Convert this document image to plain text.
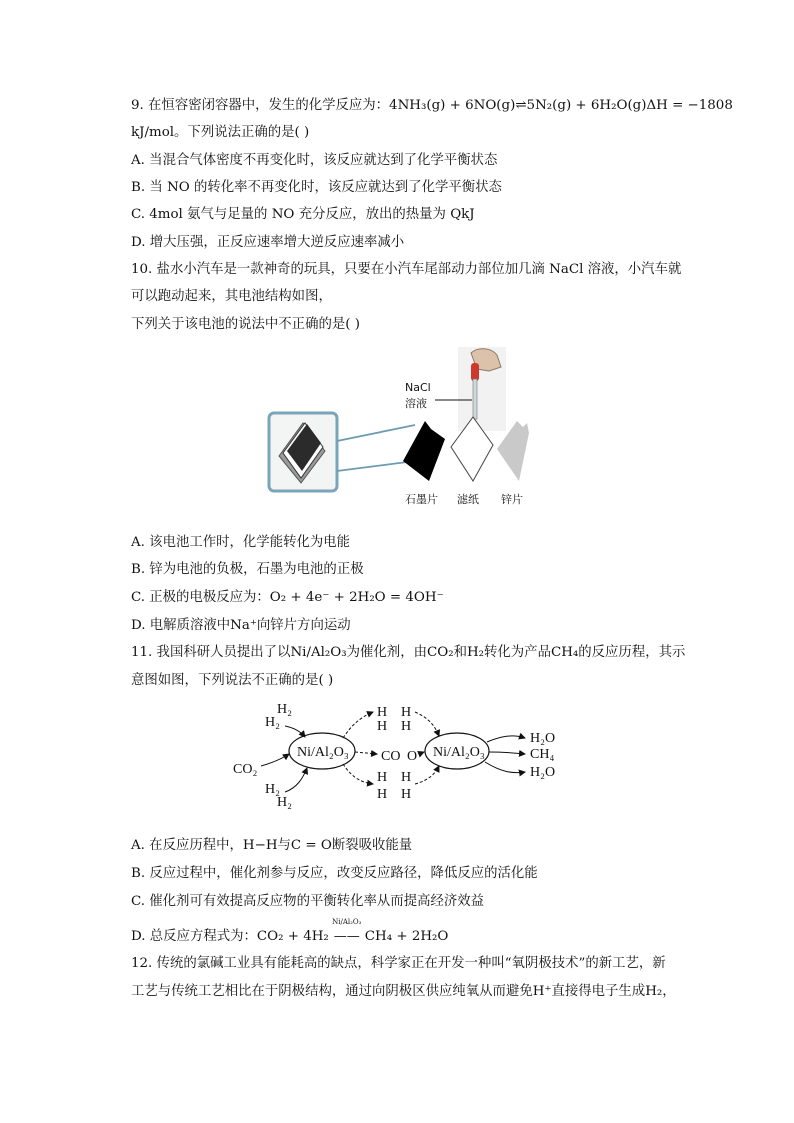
9. 在恒容密闭容器中，发生的化学反应为：4NH₃(g) + 6NO(g)⇌5N₂(g) + 6H₂O(g)ΔH = −1808
kJ/mol。下列说法正确的是( )
A. 当混合气体密度不再变化时，该反应就达到了化学平衡状态
B. 当 NO 的转化率不再变化时，该反应就达到了化学平衡状态
C. 4mol 氨气与足量的 NO 充分反应，放出的热量为 QkJ
D. 增大压强，正反应速率增大逆反应速率减小
10. 盐水小汽车是一款神奇的玩具，只要在小汽车尾部动力部位加几滴 NaCl 溶液，小汽车就
可以跑动起来，其电池结构如图，
下列关于该电池的说法中不正确的是( )
NaCl
溶液
石墨片 滤纸 锌片
A. 该电池工作时，化学能转化为电能
B. 锌为电池的负极，石墨为电池的正极
C. 正极的电极反应为：O₂ + 4e⁻ + 2H₂O = 4OH⁻
D. 电解质溶液中Na⁺向锌片方向运动
11. 我国科研人员提出了以Ni/Al₂O₃为催化剂，由CO₂和H₂转化为产品CH₄的反应历程，其示
意图如图，下列说法不正确的是( )
Ni/Al₂O₃	Ni/Al₂O₃
H₂
H₂
CO₂
H₂
H₂
H H
H H
CO O
H H
H H
H₂O
CH₄
H₂O
A. 在反应历程中，H−H与C = O断裂吸收能量
B. 反应过程中，催化剂参与反应，改变反应路径，降低反应的活化能
C. 催化剂可有效提高反应物的平衡转化率从而提高经济效益
D. 总反应方程式为：CO₂ + 4H₂
Ni/Al₂O₃
—— CH₄ + 2H₂O
12. 传统的氯碱工业具有能耗高的缺点，科学家正在开发一种叫“氧阴极技术”的新工艺，新
工艺与传统工艺相比在于阴极结构，通过向阴极区供应纯氧从而避免H⁺直接得电子生成H₂，
